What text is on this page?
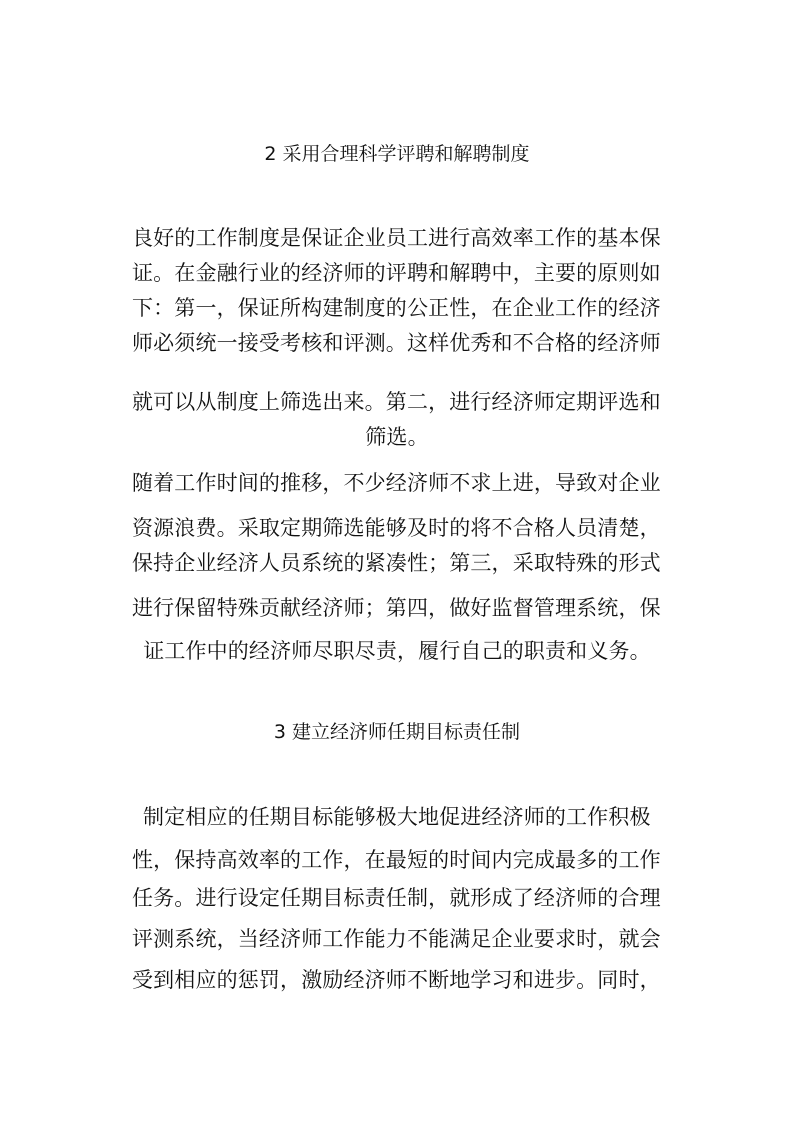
2 采用合理科学评聘和解聘制度
良好的工作制度是保证企业员工进行高效率工作的基本保
证。在金融行业的经济师的评聘和解聘中，主要的原则如
下：第一，保证所构建制度的公正性，在企业工作的经济
师必须统一接受考核和评测。这样优秀和不合格的经济师
就可以从制度上筛选出来。第二，进行经济师定期评选和
筛选。
随着工作时间的推移，不少经济师不求上进，导致对企业
资源浪费。采取定期筛选能够及时的将不合格人员清楚，
保持企业经济人员系统的紧凑性；第三，采取特殊的形式
进行保留特殊贡献经济师；第四，做好监督管理系统，保
证工作中的经济师尽职尽责，履行自己的职责和义务。
3 建立经济师任期目标责任制
制定相应的任期目标能够极大地促进经济师的工作积极
性，保持高效率的工作，在最短的时间内完成最多的工作
任务。进行设定任期目标责任制，就形成了经济师的合理
评测系统，当经济师工作能力不能满足企业要求时，就会
受到相应的惩罚，激励经济师不断地学习和进步。同时，
